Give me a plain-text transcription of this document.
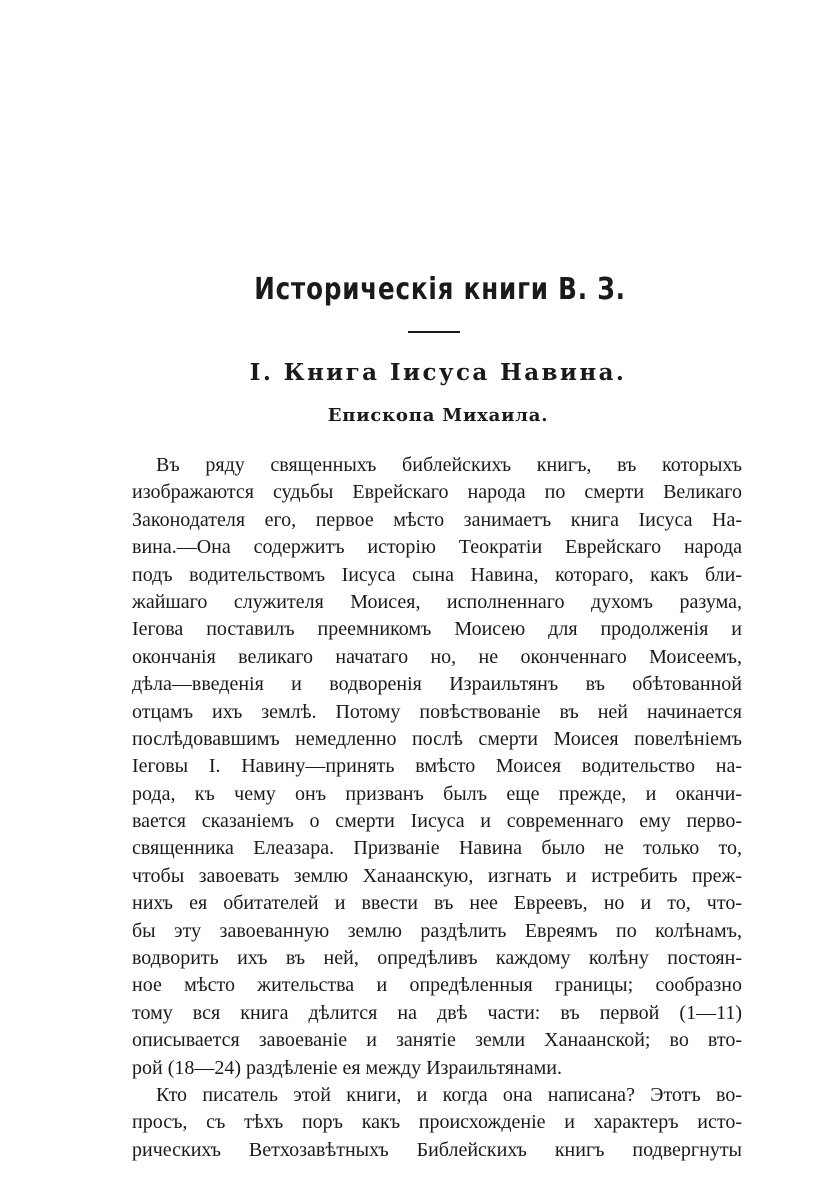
Историческія книги В. З.
I. Книга Іисуса Навина.
Епископа Михаила.
Въ ряду священныхъ библейскихъ книгъ, въ которыхъ
изображаются судьбы Еврейскаго народа по смерти Великаго
Законодателя его, первое мѣсто занимаетъ книга Іисуса На-
вина.—Она содержитъ исторію Теократіи Еврейскаго народа
подъ водительствомъ Іисуса сына Навина, котораго, какъ бли-
жайшаго служителя Моисея, исполненнаго духомъ разума,
Іегова поставилъ преемникомъ Моисею для продолженія и
окончанія великаго начатаго но, не оконченнаго Моисеемъ,
дѣла—введенія и водворенія Израильтянъ въ обѣтованной
отцамъ ихъ землѣ. Потому повѣствованіе въ ней начинается
послѣдовавшимъ немедленно послѣ смерти Моисея повелѣніемъ
Іеговы І. Навину—принять вмѣсто Моисея водительство на-
рода, къ чему онъ призванъ былъ еще прежде, и оканчи-
вается сказаніемъ о смерти Іисуса и современнаго ему перво-
священника Елеазара. Призваніе Навина было не только то,
чтобы завоевать землю Ханаанскую, изгнать и истребить преж-
нихъ ея обитателей и ввести въ нее Евреевъ, но и то, что-
бы эту завоеванную землю раздѣлить Евреямъ по колѣнамъ,
водворить ихъ въ ней, опредѣливъ каждому колѣну постоян-
ное мѣсто жительства и опредѣленныя границы; сообразно
тому вся книга дѣлится на двѣ части: въ первой (1—11)
описывается завоеваніе и занятіе земли Ханаанской; во вто-
рой (18—24) раздѣленіе ея между Израильтянами.
Кто писатель этой книги, и когда она написана? Этотъ во-
просъ, съ тѣхъ поръ какъ происхожденіе и характеръ исто-
рическихъ Ветхозавѣтныхъ Библейскихъ книгъ подвергнуты
